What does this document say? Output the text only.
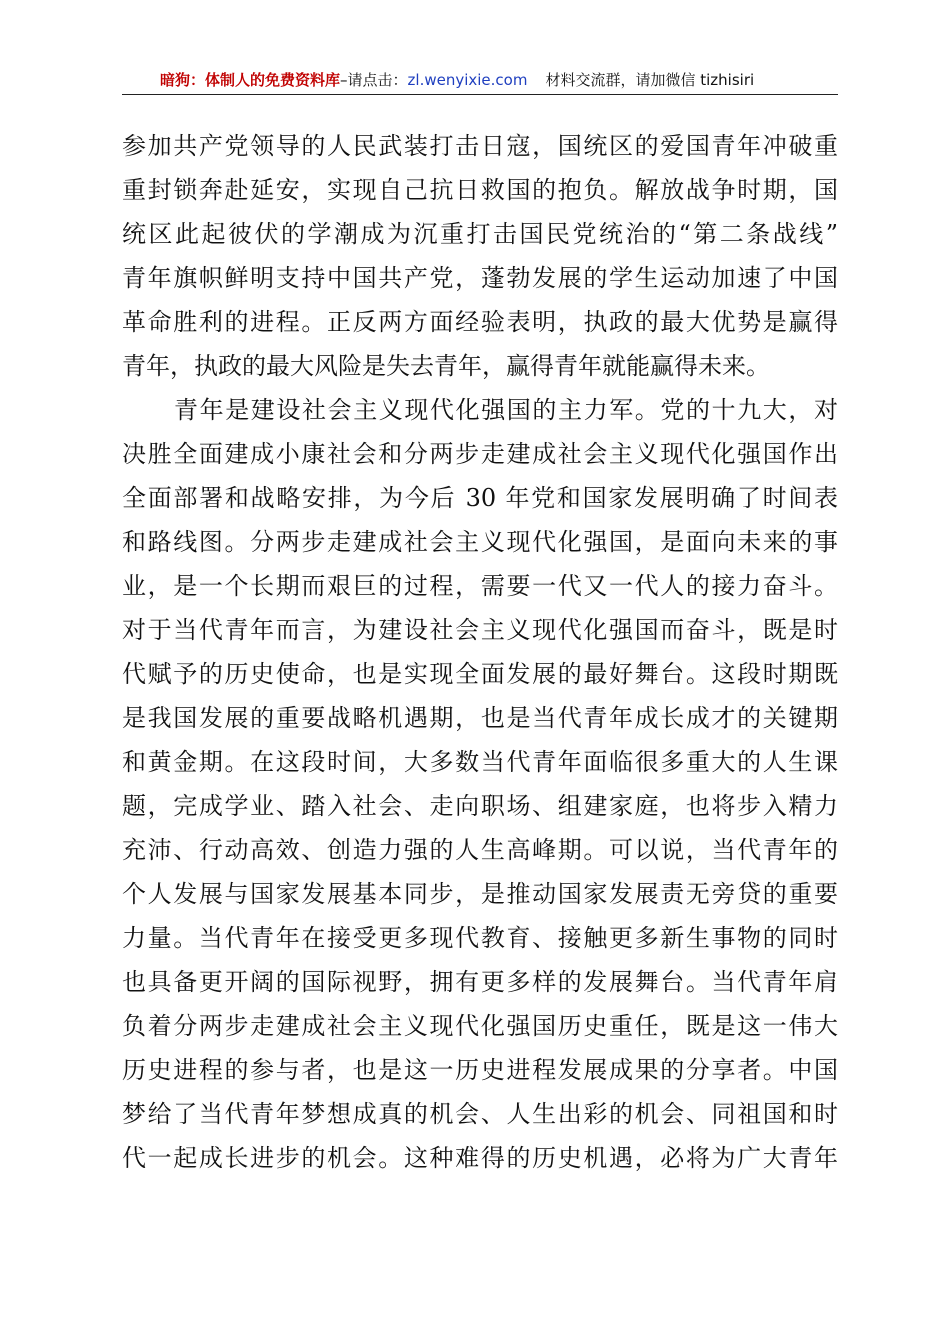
暗狗：体制人的免费资料库–请点击：zl.wenyixie.com 材料交流群，请加微信 tizhisiri
参加共产党领导的人民武装打击日寇，国统区的爱国青年冲破重
重封锁奔赴延安，实现自己抗日救国的抱负。解放战争时期，国
统区此起彼伏的学潮成为沉重打击国民党统治的“第二条战线”
青年旗帜鲜明支持中国共产党，蓬勃发展的学生运动加速了中国
革命胜利的进程。正反两方面经验表明，执政的最大优势是赢得
青年，执政的最大风险是失去青年，赢得青年就能赢得未来。
青年是建设社会主义现代化强国的主力军。党的十九大，对
决胜全面建成小康社会和分两步走建成社会主义现代化强国作出
全面部署和战略安排，为今后 30 年党和国家发展明确了时间表
和路线图。分两步走建成社会主义现代化强国，是面向未来的事
业，是一个长期而艰巨的过程，需要一代又一代人的接力奋斗。
对于当代青年而言，为建设社会主义现代化强国而奋斗，既是时
代赋予的历史使命，也是实现全面发展的最好舞台。这段时期既
是我国发展的重要战略机遇期，也是当代青年成长成才的关键期
和黄金期。在这段时间，大多数当代青年面临很多重大的人生课
题，完成学业、踏入社会、走向职场、组建家庭，也将步入精力
充沛、行动高效、创造力强的人生高峰期。可以说，当代青年的
个人发展与国家发展基本同步，是推动国家发展责无旁贷的重要
力量。当代青年在接受更多现代教育、接触更多新生事物的同时
也具备更开阔的国际视野，拥有更多样的发展舞台。当代青年肩
负着分两步走建成社会主义现代化强国历史重任，既是这一伟大
历史进程的参与者，也是这一历史进程发展成果的分享者。中国
梦给了当代青年梦想成真的机会、人生出彩的机会、同祖国和时
代一起成长进步的机会。这种难得的历史机遇，必将为广大青年
